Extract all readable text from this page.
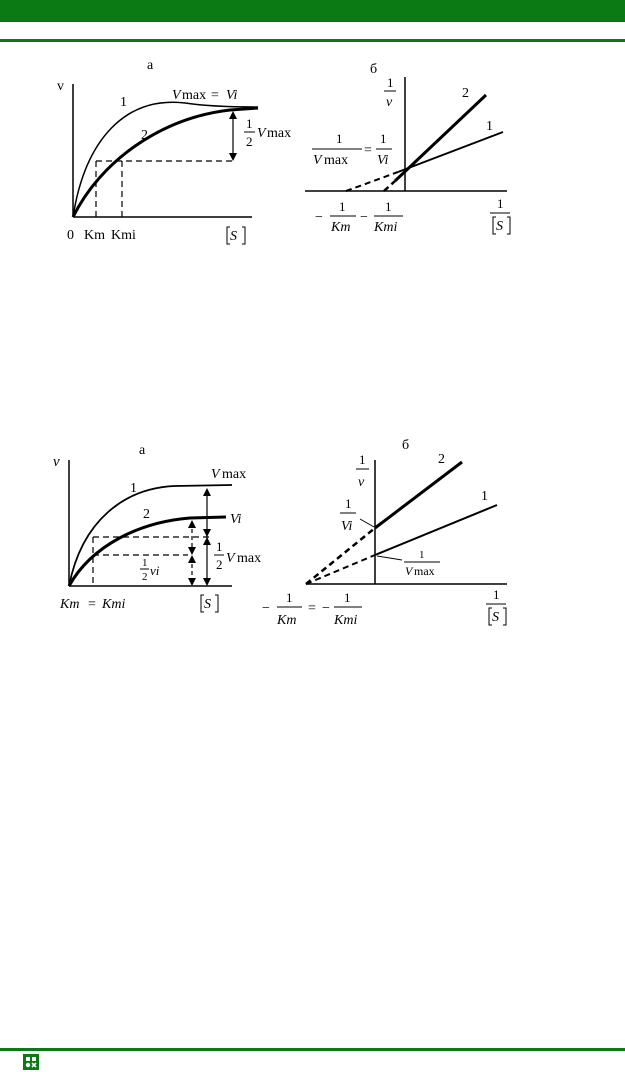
а
v
1
2
V max = Vi
1
2
V max
0 Km Kmi	S
б
1
v
2
1
1
V max
=
1
Vi
−
1
Km
−
1
Kmi
1
S
а
v
1
2
V max
Vi
1
2 V max
1
2 vi
Km = Kmi	S
б
1
v
2
1
1
Vi
1
V max
−
1
Km
= −
1
Kmi
1
S
